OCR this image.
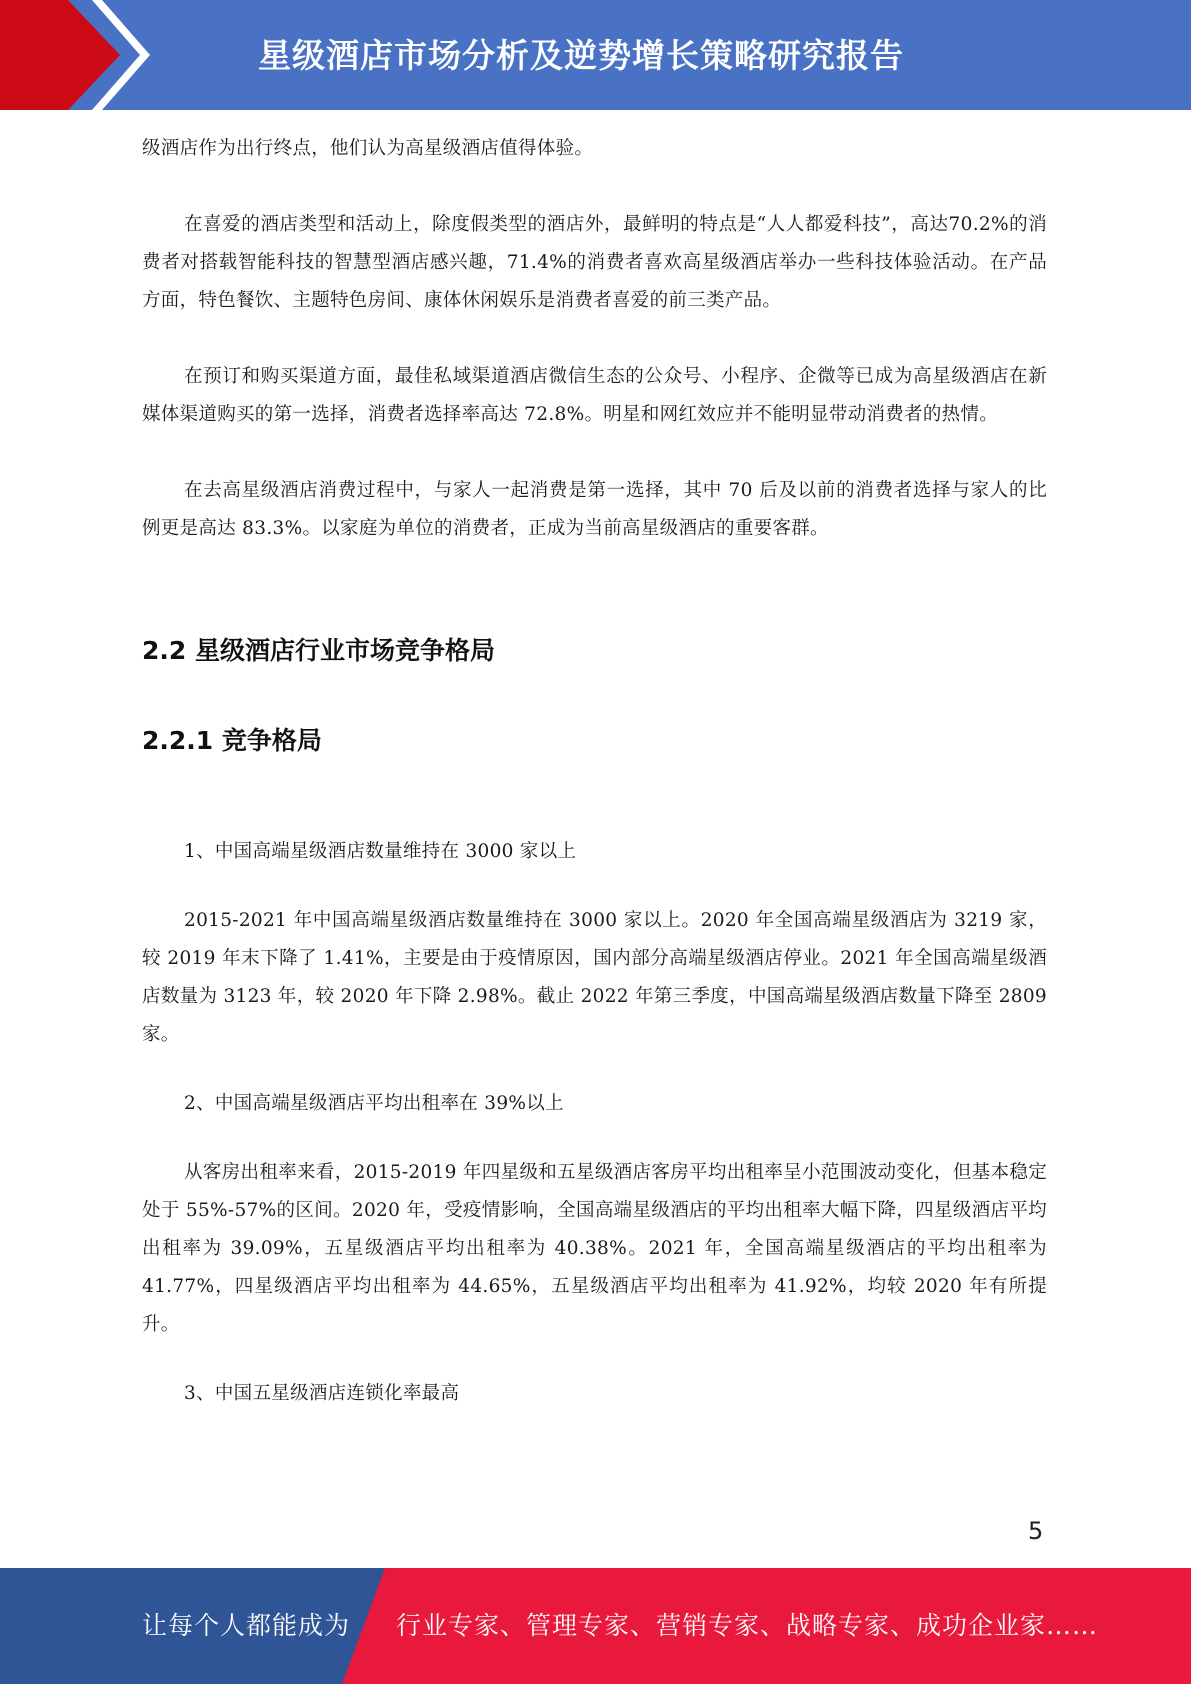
星级酒店市场分析及逆势增长策略研究报告

级酒店作为出行终点，他们认为高星级酒店值得体验。

在喜爱的酒店类型和活动上，除度假类型的酒店外，最鲜明的特点是“人人都爱科技”，高达70.2%的消费者对搭载智能科技的智慧型酒店感兴趣，71.4%的消费者喜欢高星级酒店举办一些科技体验活动。在产品方面，特色餐饮、主题特色房间、康体休闲娱乐是消费者喜爱的前三类产品。

在预订和购买渠道方面，最佳私域渠道酒店微信生态的公众号、小程序、企微等已成为高星级酒店在新媒体渠道购买的第一选择，消费者选择率高达 72.8%。明星和网红效应并不能明显带动消费者的热情。

在去高星级酒店消费过程中，与家人一起消费是第一选择，其中 70 后及以前的消费者选择与家人的比例更是高达 83.3%。以家庭为单位的消费者，正成为当前高星级酒店的重要客群。

2.2 星级酒店行业市场竞争格局
2.2.1 竞争格局

1、中国高端星级酒店数量维持在 3000 家以上

2015-2021 年中国高端星级酒店数量维持在 3000 家以上。2020 年全国高端星级酒店为 3219 家，较 2019 年末下降了 1.41%，主要是由于疫情原因，国内部分高端星级酒店停业。2021 年全国高端星级酒店数量为 3123 年，较 2020 年下降 2.98%。截止 2022 年第三季度，中国高端星级酒店数量下降至 2809 家。

2、中国高端星级酒店平均出租率在 39%以上

从客房出租率来看，2015-2019 年四星级和五星级酒店客房平均出租率呈小范围波动变化，但基本稳定处于 55%-57%的区间。2020 年，受疫情影响，全国高端星级酒店的平均出租率大幅下降，四星级酒店平均出租率为 39.09%，五星级酒店平均出租率为 40.38%。2021 年，全国高端星级酒店的平均出租率为 41.77%，四星级酒店平均出租率为 44.65%，五星级酒店平均出租率为 41.92%，均较 2020 年有所提升。

3、中国五星级酒店连锁化率最高

5
让每个人都能成为 行业专家、管理专家、营销专家、战略专家、成功企业家……
